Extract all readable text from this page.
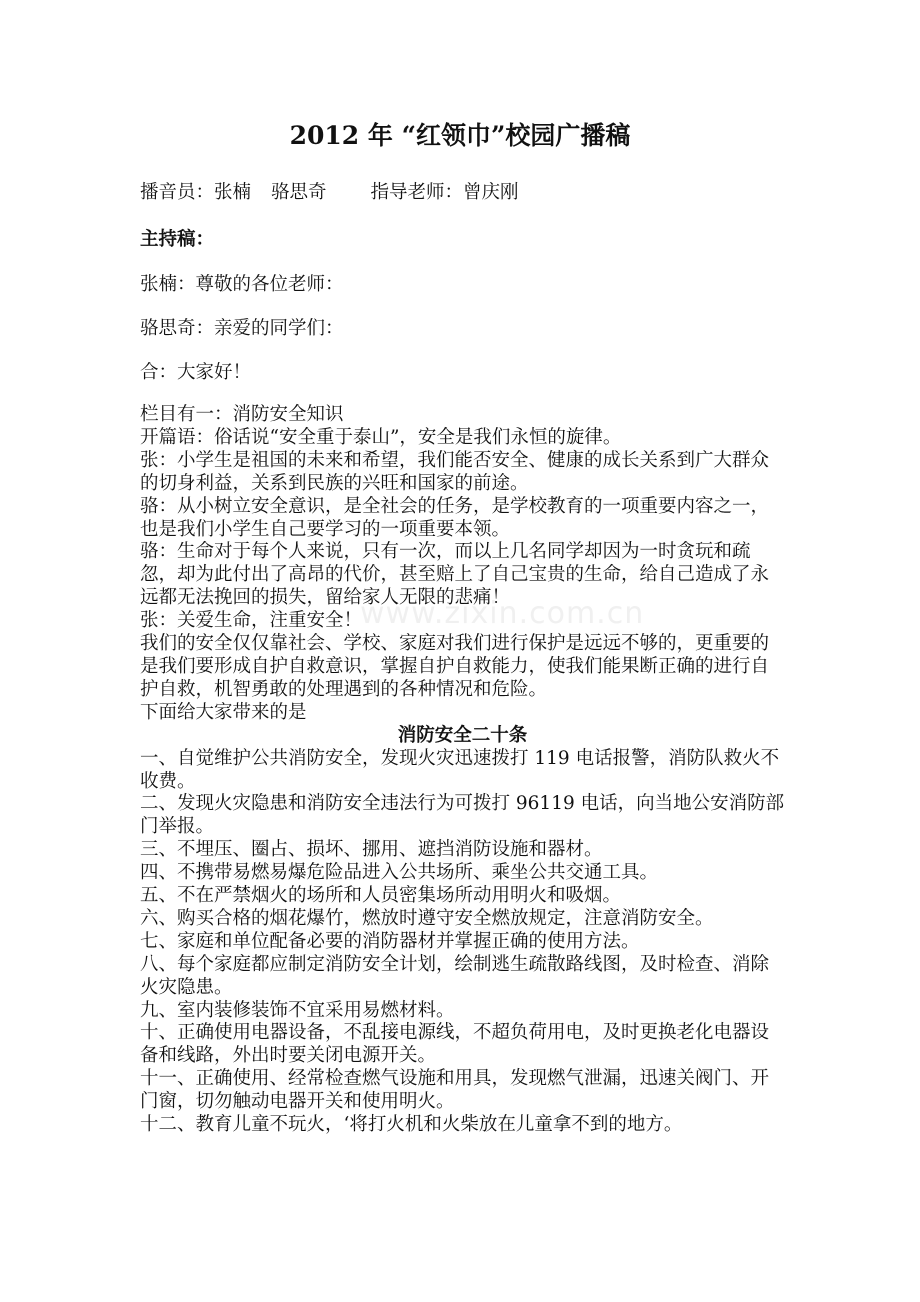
2012 年 “红领巾”校园广播稿
播音员：张楠 骆思奇 指导老师：曾庆刚
主持稿：
张楠：尊敬的各位老师：
骆思奇：亲爱的同学们：
合：大家好！

栏目有一：消防安全知识

开篇语：俗话说“安全重于泰山”，安全是我们永恒的旋律。

张：小学生是祖国的未来和希望，我们能否安全、健康的成长关系到广大群众的切身利益，关系到民族的兴旺和国家的前途。

骆：从小树立安全意识，是全社会的任务，是学校教育的一项重要内容之一，也是我们小学生自己要学习的一项重要本领。

骆：生命对于每个人来说，只有一次，而以上几名同学却因为一时贪玩和疏忽，却为此付出了高昂的代价，甚至赔上了自己宝贵的生命，给自己造成了永远都无法挽回的损失，留给家人无限的悲痛！

张：关爱生命，注重安全！

我们的安全仅仅靠社会、学校、家庭对我们进行保护是远远不够的，更重要的是我们要形成自护自救意识，掌握自护自救能力，使我们能果断正确的进行自护自救，机智勇敢的处理遇到的各种情况和危险。

下面给大家带来的是

消防安全二十条

一、自觉维护公共消防安全，发现火灾迅速拨打 119 电话报警，消防队救火不收费。

二、发现火灾隐患和消防安全违法行为可拨打 96119 电话，向当地公安消防部门举报。

三、不埋压、圈占、损坏、挪用、遮挡消防设施和器材。

四、不携带易燃易爆危险品进入公共场所、乘坐公共交通工具。

五、不在严禁烟火的场所和人员密集场所动用明火和吸烟。

六、购买合格的烟花爆竹，燃放时遵守安全燃放规定，注意消防安全。

七、家庭和单位配备必要的消防器材并掌握正确的使用方法。

八、每个家庭都应制定消防安全计划，绘制逃生疏散路线图，及时检查、消除火灾隐患。

九、室内装修装饰不宜采用易燃材料。

十、正确使用电器设备，不乱接电源线，不超负荷用电，及时更换老化电器设备和线路，外出时要关闭电源开关。

十一、正确使用、经常检查燃气设施和用具，发现燃气泄漏，迅速关阀门、开门窗，切勿触动电器开关和使用明火。

十二、教育儿童不玩火，‘将打火机和火柴放在儿童拿不到的地方。

www.zixin.com.cn
